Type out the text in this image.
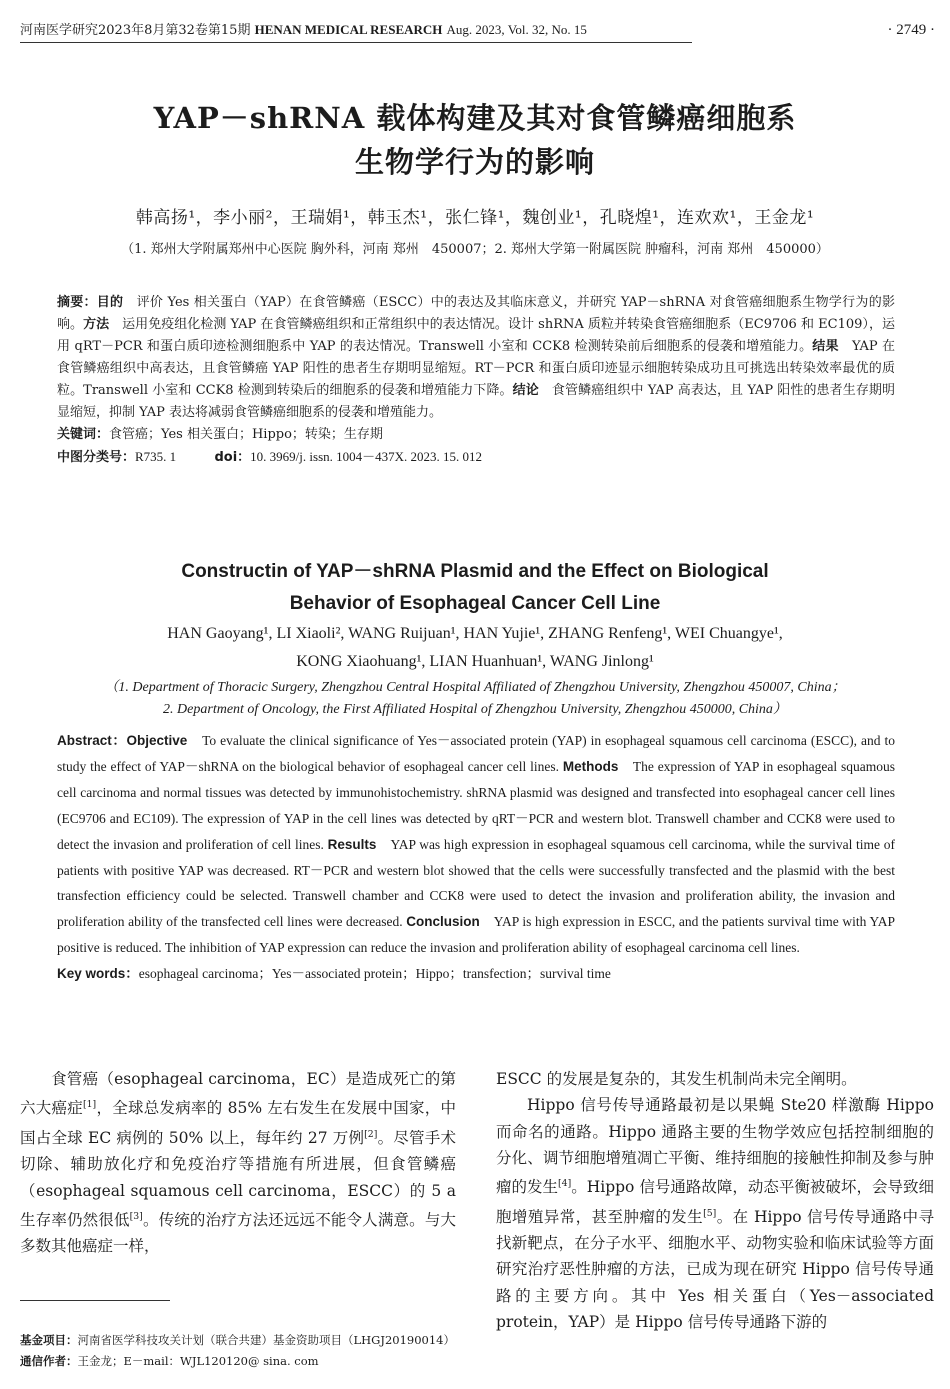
河南医学研究2023年8月第32卷第15期 HENAN MEDICAL RESEARCH Aug. 2023, Vol. 32, No. 15	· 2749 ·
YAP－shRNA 载体构建及其对食管鳞癌细胞系
生物学行为的影响
韩高扬¹，李小丽²，王瑞娟¹，韩玉杰¹，张仁锋¹，魏创业¹，孔晓煌¹，连欢欢¹，王金龙¹
（1. 郑州大学附属郑州中心医院 胸外科，河南 郑州　450007；2. 郑州大学第一附属医院 肿瘤科，河南 郑州　450000）
摘要：目的　评价 Yes 相关蛋白（YAP）在食管鳞癌（ESCC）中的表达及其临床意义，并研究 YAP－shRNA 对食管癌细胞系生物学行为的影响。方法　运用免疫组化检测 YAP 在食管鳞癌组织和正常组织中的表达情况。设计 shRNA 质粒并转染食管癌细胞系（EC9706 和 EC109），运用 qRT－PCR 和蛋白质印迹检测细胞系中 YAP 的表达情况。Transwell 小室和 CCK8 检测转染前后细胞系的侵袭和增殖能力。结果　YAP 在食管鳞癌组织中高表达，且食管鳞癌 YAP 阳性的患者生存期明显缩短。RT－PCR 和蛋白质印迹显示细胞转染成功且可挑选出转染效率最优的质粒。Transwell 小室和 CCK8 检测到转染后的细胞系的侵袭和增殖能力下降。结论　食管鳞癌组织中 YAP 高表达，且 YAP 阳性的患者生存期明显缩短，抑制 YAP 表达将减弱食管鳞癌细胞系的侵袭和增殖能力。
关键词：食管癌；Yes 相关蛋白；Hippo；转染；生存期
中图分类号：R735. 1	doi：10. 3969/j. issn. 1004－437X. 2023. 15. 012
Constructin of YAP－shRNA Plasmid and the Effect on Biological
Behavior of Esophageal Cancer Cell Line
HAN Gaoyang¹, LI Xiaoli², WANG Ruijuan¹, HAN Yujie¹, ZHANG Renfeng¹, WEI Chuangye¹,
KONG Xiaohuang¹, LIAN Huanhuan¹, WANG Jinlong¹
（1. Department of Thoracic Surgery, Zhengzhou Central Hospital Affiliated of Zhengzhou University, Zhengzhou 450007, China；
2. Department of Oncology, the First Affiliated Hospital of Zhengzhou University, Zhengzhou 450000, China）
Abstract：Objective　To evaluate the clinical significance of Yes－associated protein (YAP) in esophageal squamous cell carcinoma (ESCC), and to study the effect of YAP－shRNA on the biological behavior of esophageal cancer cell lines. Methods　The expression of YAP in esophageal squamous cell carcinoma and normal tissues was detected by immunohistochemistry. shRNA plasmid was designed and transfected into esophageal cancer cell lines (EC9706 and EC109). The expression of YAP in the cell lines was detected by qRT－PCR and western blot. Transwell chamber and CCK8 were used to detect the invasion and proliferation of cell lines. Results　YAP was high expression in esophageal squamous cell carcinoma, while the survival time of patients with positive YAP was decreased. RT－PCR and western blot showed that the cells were successfully transfected and the plasmid with the best transfection efficiency could be selected. Transwell chamber and CCK8 were used to detect the invasion and proliferation ability, the invasion and proliferation ability of the transfected cell lines were decreased. Conclusion　YAP is high expression in ESCC, and the patients survival time with YAP positive is reduced. The inhibition of YAP expression can reduce the invasion and proliferation ability of esophageal carcinoma cell lines.
Key words：esophageal carcinoma；Yes－associated protein；Hippo；transfection；survival time

食管癌（esophageal carcinoma，EC）是造成死亡的第六大癌症[1]，全球总发病率的 85% 左右发生在发展中国家，中国占全球 EC 病例的 50% 以上，每年约 27 万例[2]。尽管手术切除、辅助放化疗和免疫治疗等措施有所进展，但食管鳞癌（esophageal squamous cell carcinoma，ESCC）的 5 a 生存率仍然很低[3]。传统的治疗方法还远远不能令人满意。与大多数其他癌症一样，

ESCC 的发展是复杂的，其发生机制尚未完全阐明。

Hippo 信号传导通路最初是以果蝇 Ste20 样激酶 Hippo 而命名的通路。Hippo 通路主要的生物学效应包括控制细胞的分化、调节细胞增殖凋亡平衡、维持细胞的接触性抑制及参与肿瘤的发生[4]。Hippo 信号通路故障，动态平衡被破坏，会导致细胞增殖异常，甚至肿瘤的发生[5]。在 Hippo 信号传导通路中寻找新靶点，在分子水平、细胞水平、动物实验和临床试验等方面研究治疗恶性肿瘤的方法，已成为现在研究 Hippo 信号传导通路的主要方向。其中 Yes 相关蛋白（Yes－associated protein，YAP）是 Hippo 信号传导通路下游的

基金项目：河南省医学科技攻关计划（联合共建）基金资助项目（LHGJ20190014）
通信作者：王金龙；E－mail：WJL120120@ sina. com
